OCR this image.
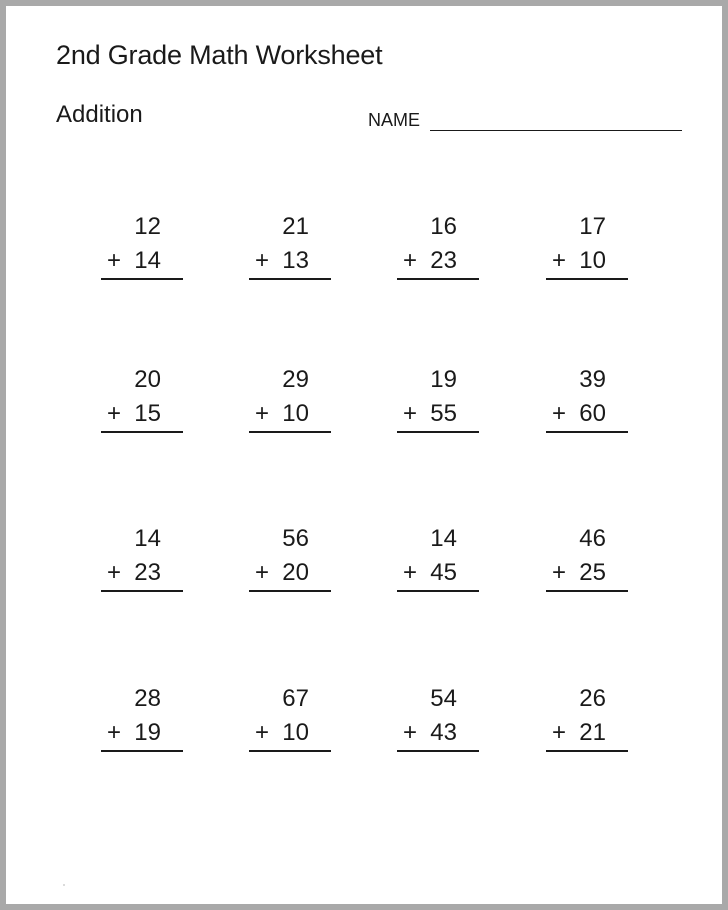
2nd Grade Math Worksheet
Addition	NAME
12
+ 14
21
+ 13
16
+ 23
17
+ 10
20
+ 15
29
+ 10
19
+ 55
39
+ 60
14
+ 23
56
+ 20
14
+ 45
46
+ 25
28
+ 19
67
+ 10
54
+ 43
26
+ 21
